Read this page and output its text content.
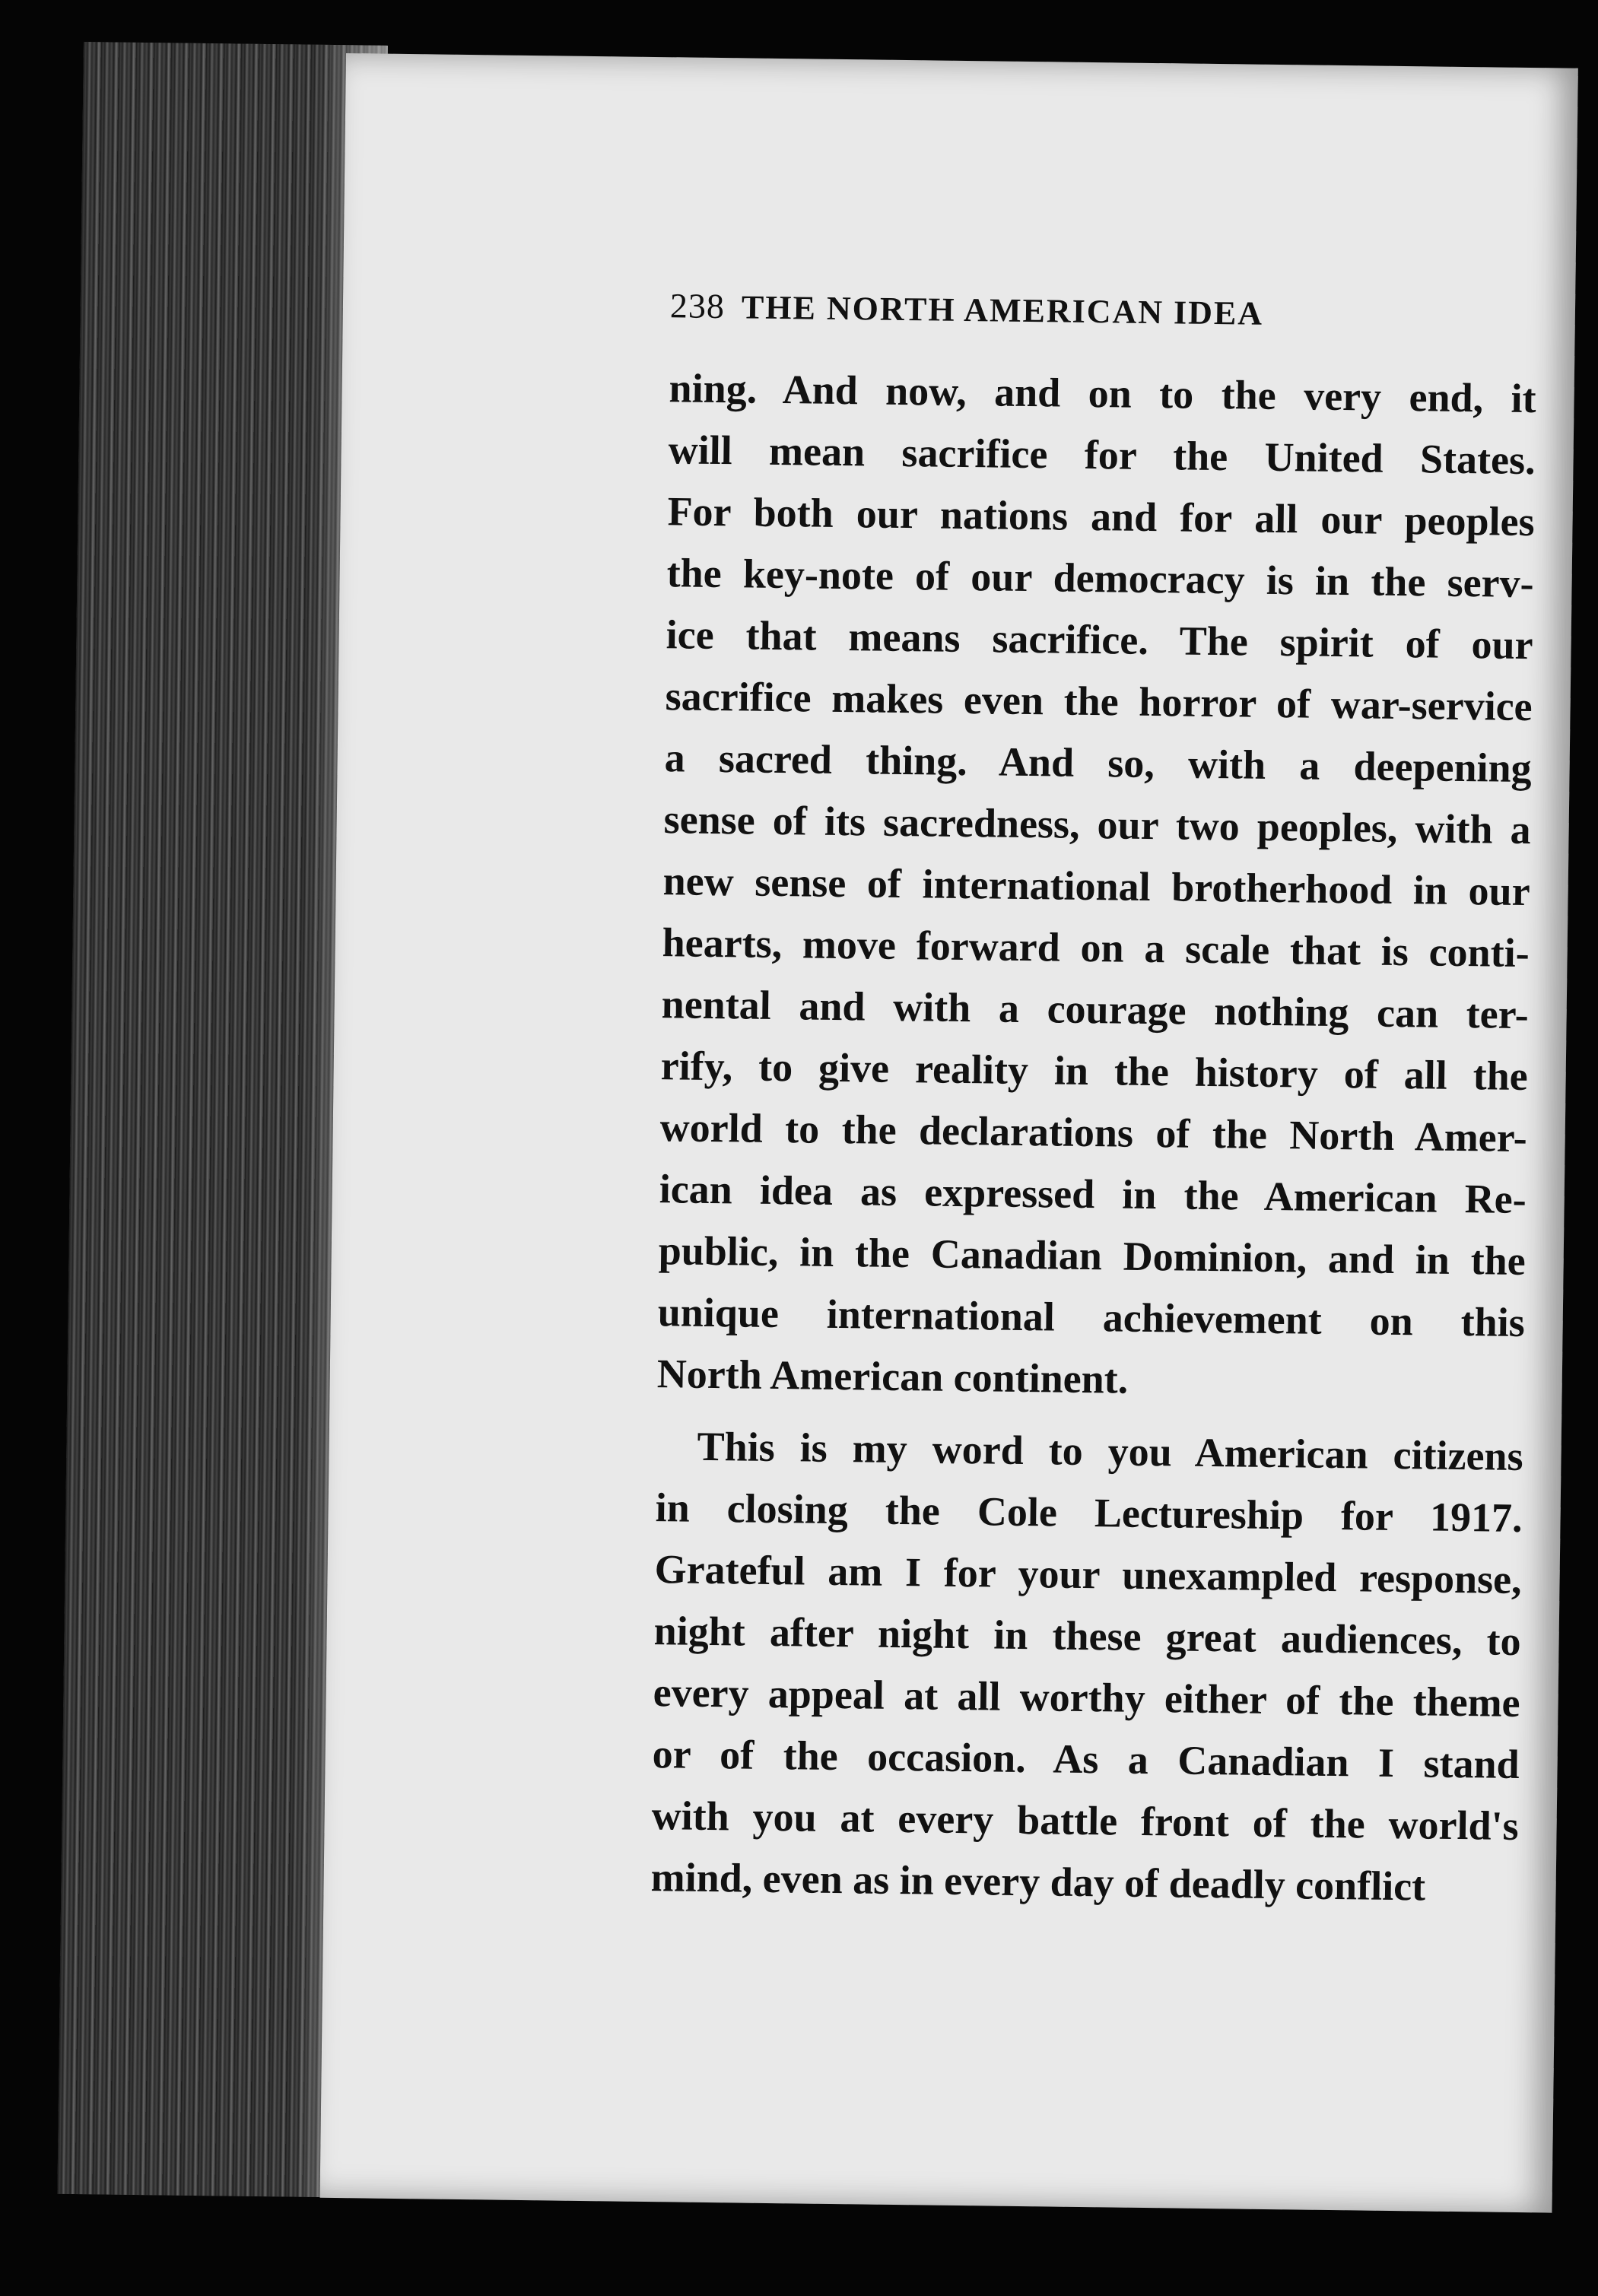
238 THE NORTH AMERICAN IDEA

ning. And now, and on to the very end, it
will mean sacrifice for the United States.
For both our nations and for all our peoples
the key-note of our democracy is in the serv-
ice that means sacrifice. The spirit of our
sacrifice makes even the horror of war-service
a sacred thing. And so, with a deepening
sense of its sacredness, our two peoples, with a
new sense of international brotherhood in our
hearts, move forward on a scale that is conti-
nental and with a courage nothing can ter-
rify, to give reality in the history of all the
world to the declarations of the North Amer-
ican idea as expressed in the American Re-
public, in the Canadian Dominion, and in the
unique international achievement on this
North American continent.

This is my word to you American citizens
in closing the Cole Lectureship for 1917.
Grateful am I for your unexampled response,
night after night in these great audiences, to
every appeal at all worthy either of the theme
or of the occasion. As a Canadian I stand
with you at every battle front of the world's
mind, even as in every day of deadly conflict
